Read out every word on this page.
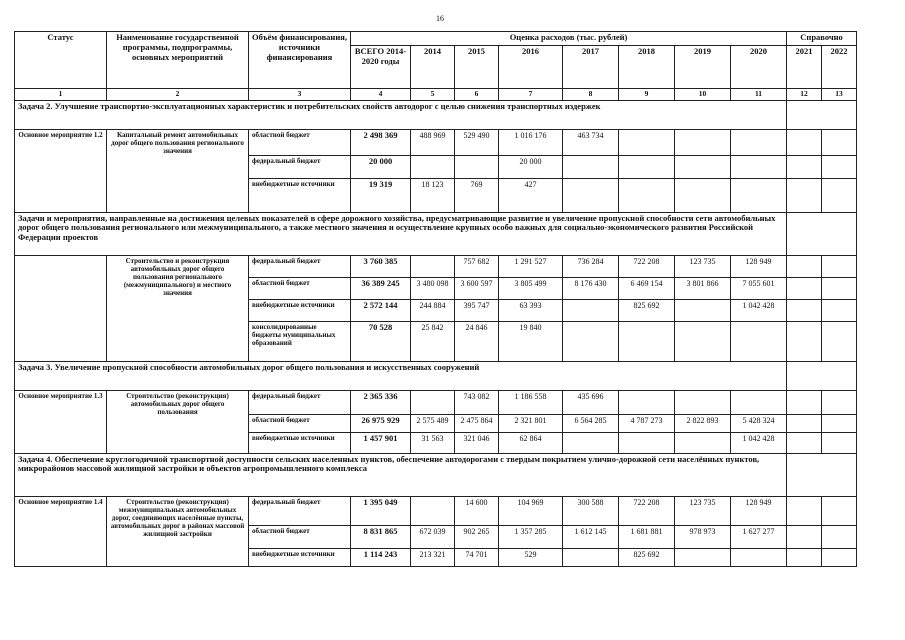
16
Статус	Наименование государственной программы, подпрограммы, основных мероприятий	Объём финансирования, источники финансирования	Оценка расходов (тыс. рублей)								Справочно	
			ВСЕГО 2014-2020 годы	2014	2015	2016	2017	2018	2019	2020	2021	2022
1	2	3	4	5	6	7	8	9	10	11	12	13
Задача 2. Улучшение транспортно-эксплуатационных характеристик и потребительских свойств автодорог с целью снижения транспортных издержек												
Основное мероприятие 1.2	Капитальный ремонт автомобильных дорог общего пользования регионального значения	областной бюджет	2 498 369	488 969	529 490	1 016 176	463 734					
		федеральный бюджет	20 000			20 000						
		внебюджетные источники	19 319	18 123	769	427						
Задачи и мероприятия, направленные на достижения целевых показателей в сфере дорожного хозяйства, предусматривающие развитие и увеличение пропускной способности сети автомобильных дорог общего пользования регионального или межмуниципального, а также местного значения и осуществление крупных особо важных для социально-экономического развития Российской Федерации проектов												
	Строительство и реконструкция автомобильных дорог общего пользования регионального (межмуниципального) и местного значения	федеральный бюджет	3 760 385		757 682	1 291 527	736 284	722 208	123 735	128 949		
		областной бюджет	36 389 245	3 480 098	3 600 597	3 805 499	8 176 430	6 469 154	3 801 866	7 055 601		
		внебюджетные источники	2 572 144	244 884	395 747	63 393		825 692		1 042 428		
		консолидированные бюджеты муниципальных образований	70 528	25 842	24 846	19 840						
Задача 3. Увеличение пропускной способности автомобильных дорог общего пользования и искусственных сооружений												
Основное мероприятие 1.3	Строительство (реконструкция) автомобильных дорог общего пользования	федеральный бюджет	2 365 336		743 082	1 186 558	435 696					
		областной бюджет	26 975 929	2 575 489	2 475 864	2 321 801	6 564 285	4 787 273	2 822 893	5 428 324		
		внебюджетные источники	1 457 901	31 563	321 046	62 864				1 042 428		
Задача 4. Обеспечение круглогодичной транспортной доступности сельских населенных пунктов, обеспечение автодорогами с твердым покрытием улично-дорожной сети населённых пунктов, микрорайонов массовой жилищной застройки и объектов агропромышленного комплекса												
Основное мероприятие 1.4	Строительство (реконструкция) межмуниципальных автомобильных дорог, соединяющих населённые пункты, автомобильных дорог в районах массовой жилищной застройки	федеральный бюджет	1 395 049		14 600	104 969	300 588	722 208	123 735	128 949		
		областной бюджет	8 831 865	672 039	902 265	1 357 285	1 612 145	1 681 881	978 973	1 627 277		
		внебюджетные источники	1 114 243	213 321	74 701	529		825 692				
